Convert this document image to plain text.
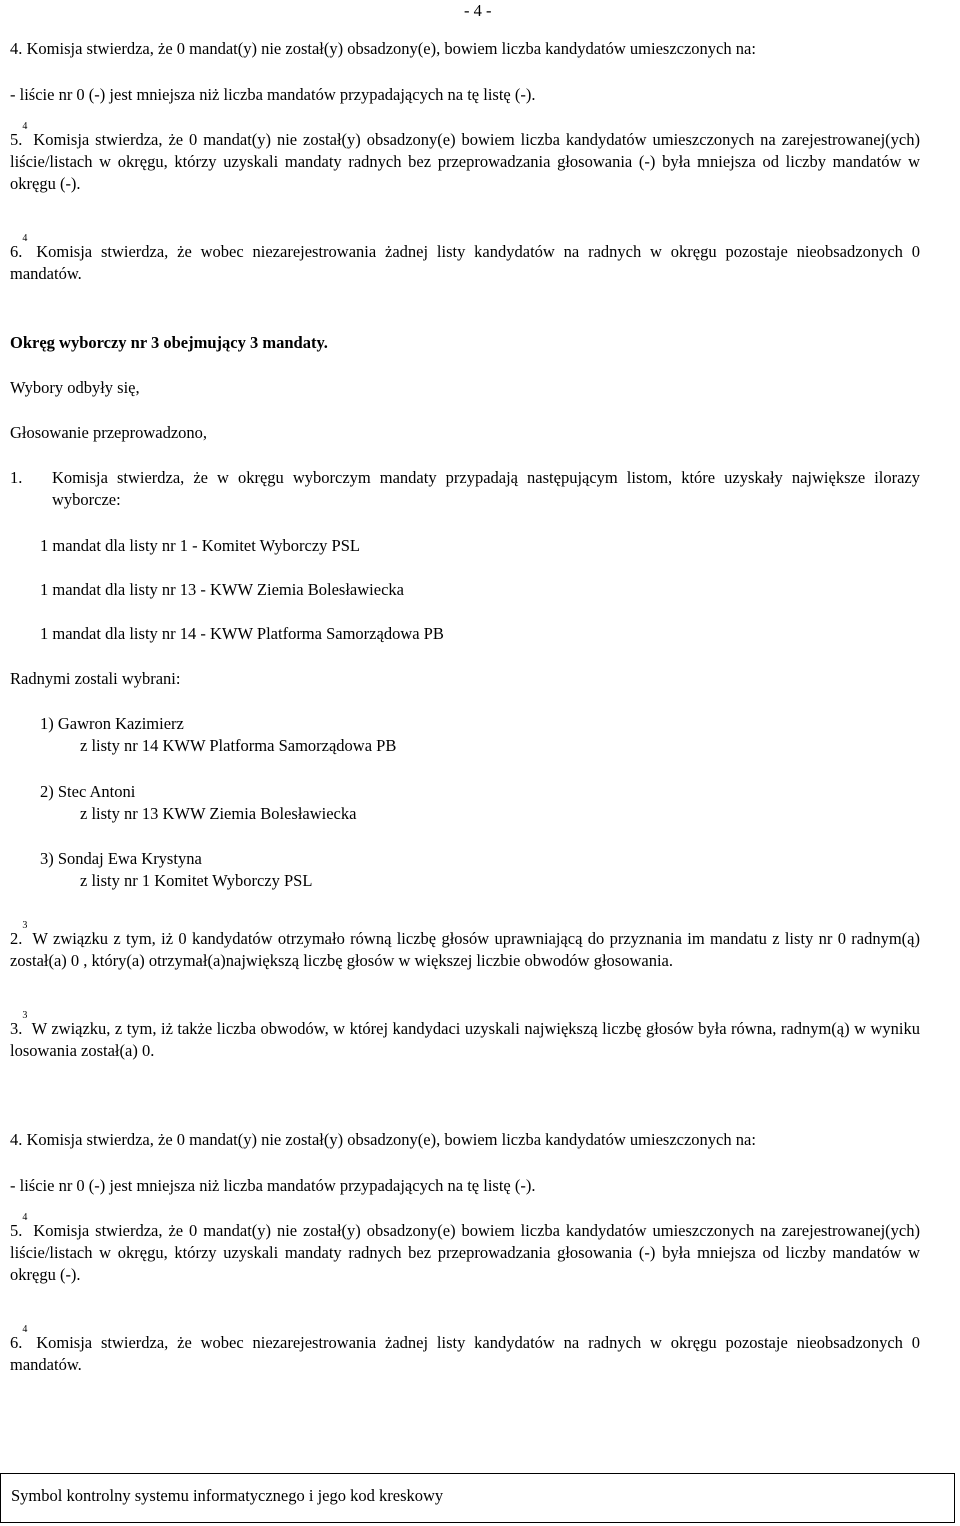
- 4 -
4. Komisja stwierdza, że 0 mandat(y) nie został(y) obsadzony(e), bowiem liczba kandydatów umieszczonych na:
- liście nr 0 (-) jest mniejsza niż liczba mandatów przypadających na tę listę (-).
5.$^4$ Komisja stwierdza, że 0 mandat(y) nie został(y) obsadzony(e) bowiem liczba kandydatów umieszczonych na zarejestrowanej(ych) liście/listach w okręgu, którzy uzyskali mandaty radnych bez przeprowadzania głosowania (-) była mniejsza od liczby mandatów w okręgu (-).
6.$^4$ Komisja stwierdza, że wobec niezarejestrowania żadnej listy kandydatów na radnych w okręgu pozostaje nieobsadzonych 0 mandatów.
Okręg wyborczy nr 3 obejmujący 3 mandaty.
Wybory odbyły się,
Głosowanie przeprowadzono,
1. Komisja stwierdza, że w okręgu wyborczym mandaty przypadają następującym listom, które uzyskały największe ilorazy wyborcze:
1 mandat dla listy nr 1 - Komitet Wyborczy PSL
1 mandat dla listy nr 13 - KWW Ziemia Bolesławiecka
1 mandat dla listy nr 14 - KWW Platforma Samorządowa PB
Radnymi zostali wybrani:
1) Gawron Kazimierz
z listy nr 14 KWW Platforma Samorządowa PB
2) Stec Antoni
z listy nr 13 KWW Ziemia Bolesławiecka
3) Sondaj Ewa Krystyna
z listy nr 1 Komitet Wyborczy PSL
2.$^3$ W związku z tym, iż 0 kandydatów otrzymało równą liczbę głosów uprawniającą do przyznania im mandatu z listy nr 0 radnym(ą) został(a) 0 , który(a) otrzymał(a)największą liczbę głosów w większej liczbie obwodów głosowania.
3.$^3$ W związku, z tym, iż także liczba obwodów, w której kandydaci uzyskali największą liczbę głosów była równa, radnym(ą) w wyniku losowania został(a) 0.
4. Komisja stwierdza, że 0 mandat(y) nie został(y) obsadzony(e), bowiem liczba kandydatów umieszczonych na:
- liście nr 0 (-) jest mniejsza niż liczba mandatów przypadających na tę listę (-).
5.$^4$ Komisja stwierdza, że 0 mandat(y) nie został(y) obsadzony(e) bowiem liczba kandydatów umieszczonych na zarejestrowanej(ych) liście/listach w okręgu, którzy uzyskali mandaty radnych bez przeprowadzania głosowania (-) była mniejsza od liczby mandatów w okręgu (-).
6.$^4$ Komisja stwierdza, że wobec niezarejestrowania żadnej listy kandydatów na radnych w okręgu pozostaje nieobsadzonych 0 mandatów.
Symbol kontrolny systemu informatycznego i jego kod kreskowy
